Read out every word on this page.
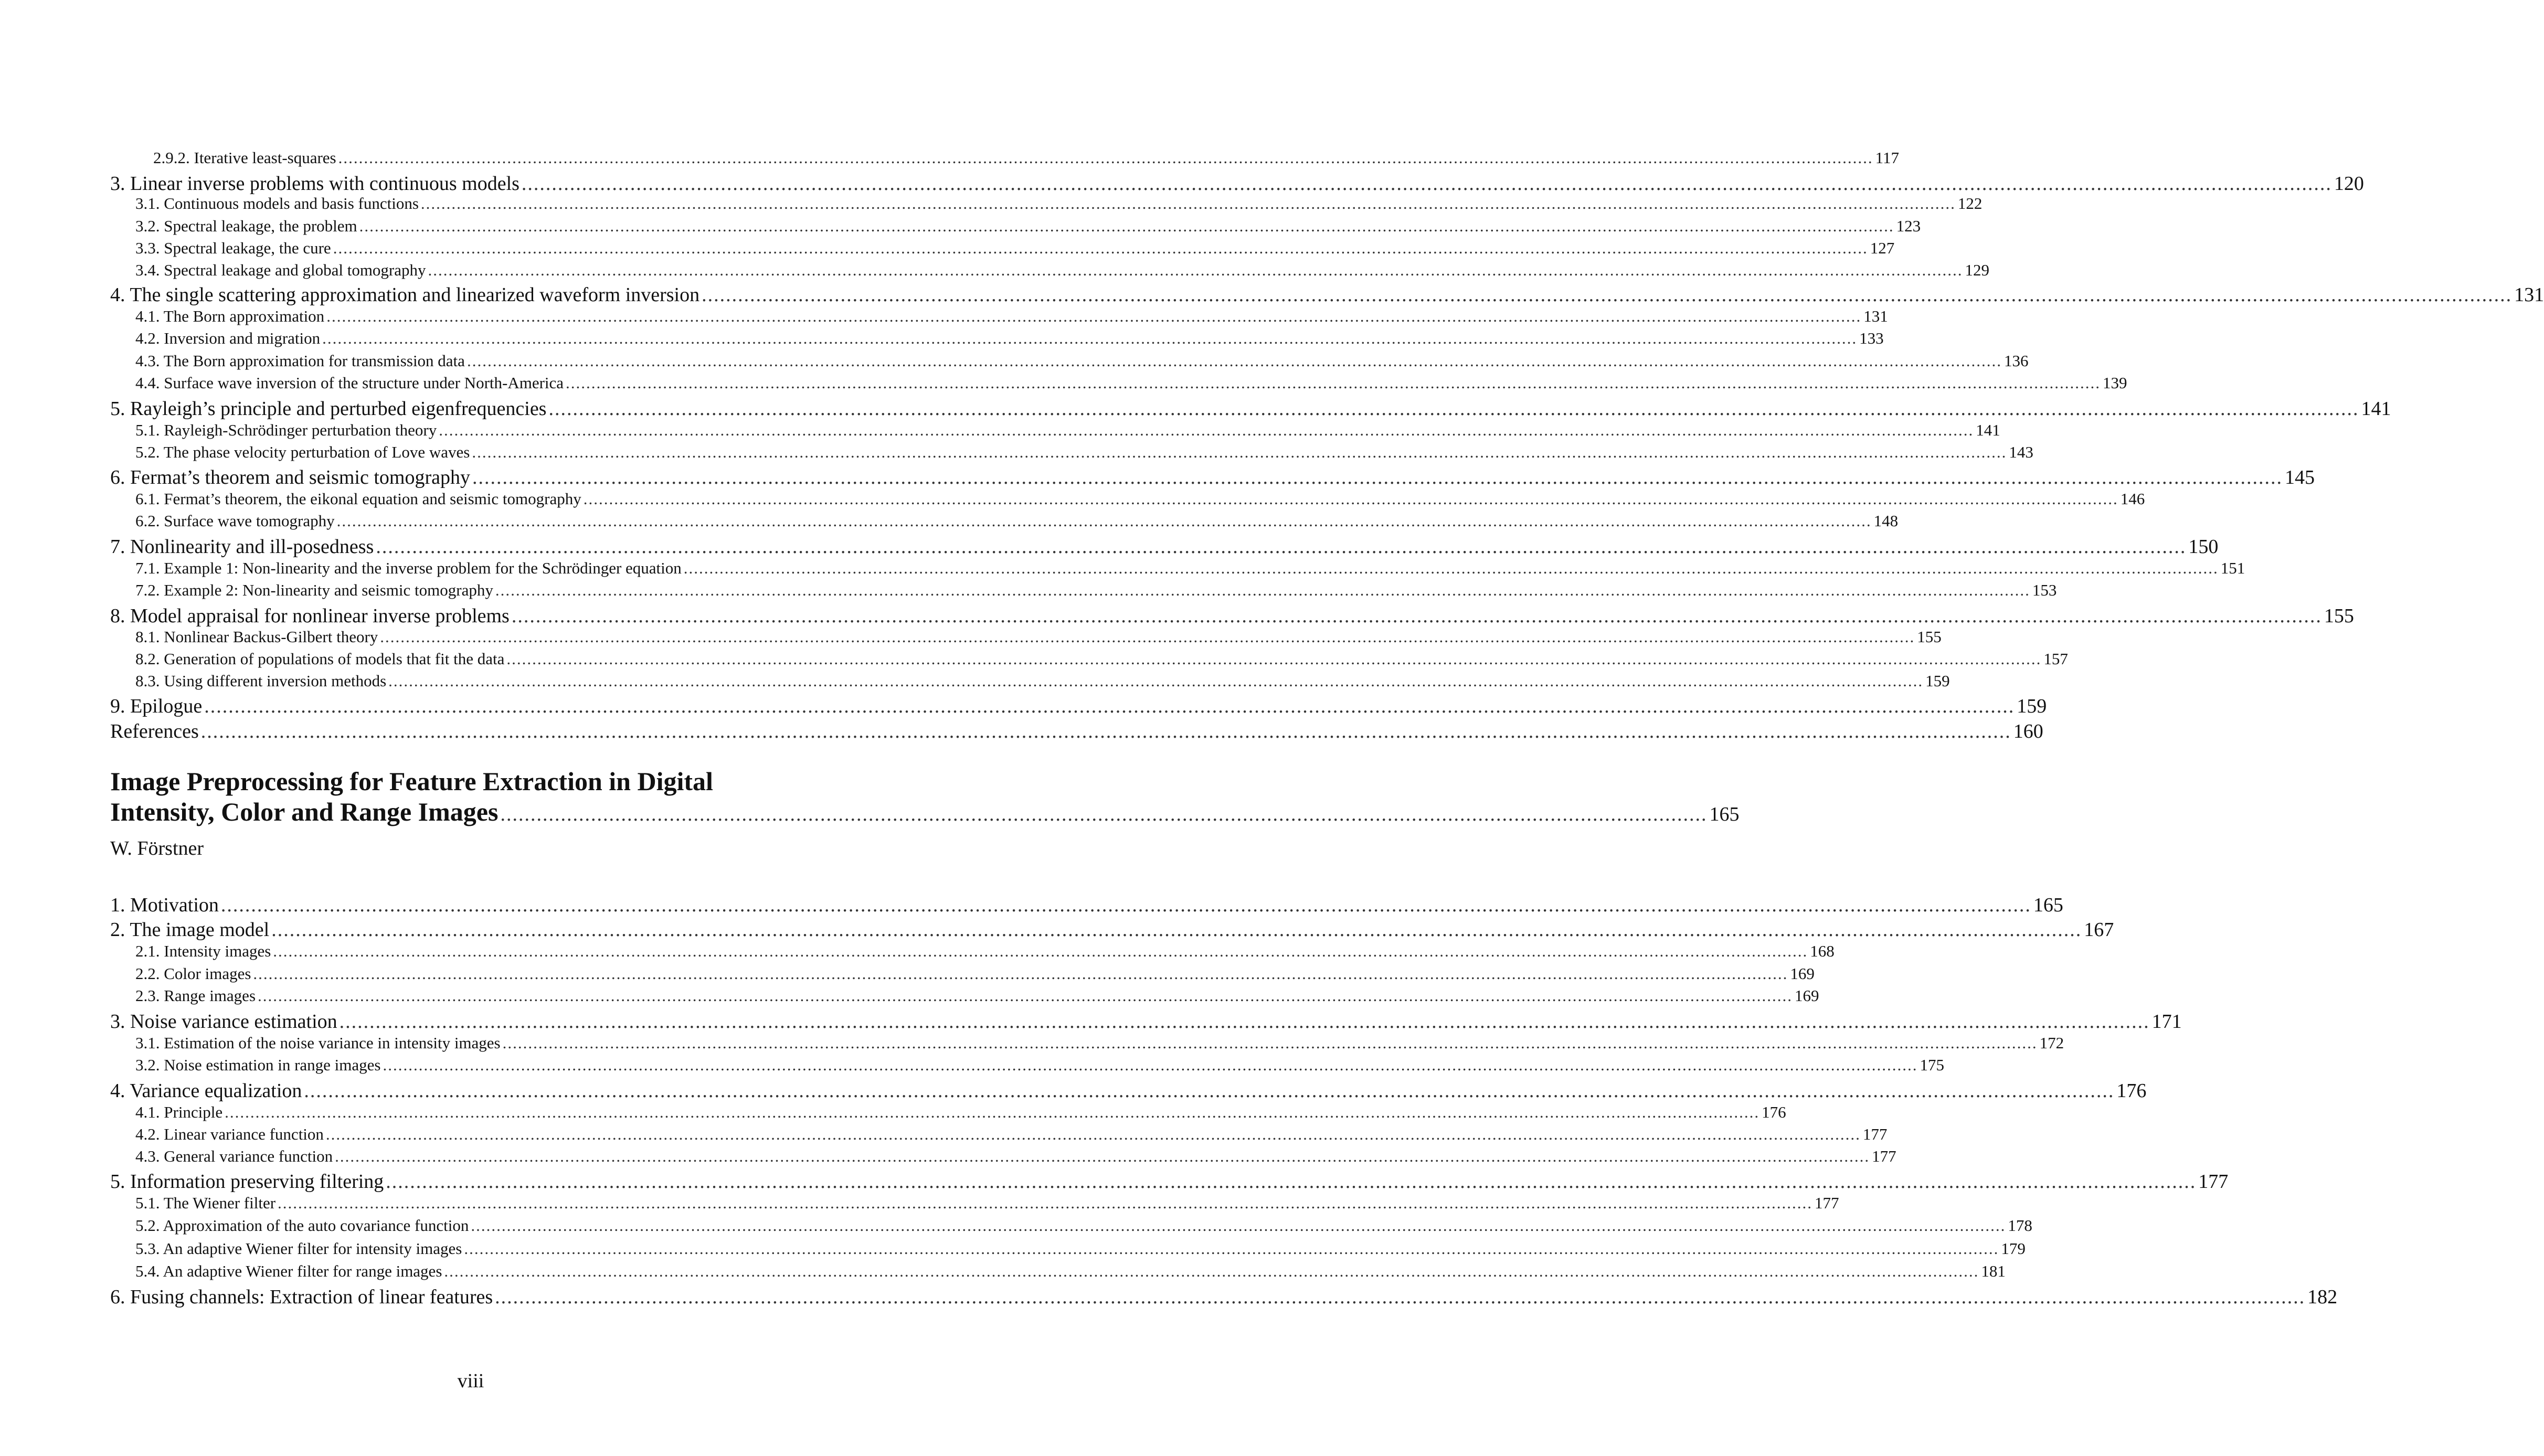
2.9.2. Iterative least-squares ............................................................................................................................................................................................................................................................................................................ 117
3. Linear inverse problems with continuous models ............................................................................................................................................................................................................................................................................................................ 120
3.1. Continuous models and basis functions ............................................................................................................................................................................................................................................................................................................ 122
3.2. Spectral leakage, the problem ............................................................................................................................................................................................................................................................................................................ 123
3.3. Spectral leakage, the cure ............................................................................................................................................................................................................................................................................................................ 127
3.4. Spectral leakage and global tomography ............................................................................................................................................................................................................................................................................................................ 129
4. The single scattering approximation and linearized waveform inversion ............................................................................................................................................................................................................................................................................................................ 131
4.1. The Born approximation ............................................................................................................................................................................................................................................................................................................ 131
4.2. Inversion and migration ............................................................................................................................................................................................................................................................................................................ 133
4.3. The Born approximation for transmission data ............................................................................................................................................................................................................................................................................................................ 136
4.4. Surface wave inversion of the structure under North-America ............................................................................................................................................................................................................................................................................................................ 139
5. Rayleigh’s principle and perturbed eigenfrequencies ............................................................................................................................................................................................................................................................................................................ 141
5.1. Rayleigh-Schrödinger perturbation theory ............................................................................................................................................................................................................................................................................................................ 141
5.2. The phase velocity perturbation of Love waves ............................................................................................................................................................................................................................................................................................................ 143
6. Fermat’s theorem and seismic tomography ............................................................................................................................................................................................................................................................................................................ 145
6.1. Fermat’s theorem, the eikonal equation and seismic tomography ............................................................................................................................................................................................................................................................................................................ 146
6.2. Surface wave tomography ............................................................................................................................................................................................................................................................................................................ 148
7. Nonlinearity and ill-posedness ............................................................................................................................................................................................................................................................................................................ 150
7.1. Example 1: Non-linearity and the inverse problem for the Schrödinger equation ............................................................................................................................................................................................................................................................................................................ 151
7.2. Example 2: Non-linearity and seismic tomography ............................................................................................................................................................................................................................................................................................................ 153
8. Model appraisal for nonlinear inverse problems ............................................................................................................................................................................................................................................................................................................ 155
8.1. Nonlinear Backus-Gilbert theory ............................................................................................................................................................................................................................................................................................................ 155
8.2. Generation of populations of models that fit the data ............................................................................................................................................................................................................................................................................................................ 157
8.3. Using different inversion methods ............................................................................................................................................................................................................................................................................................................ 159
9. Epilogue ............................................................................................................................................................................................................................................................................................................ 159
References ............................................................................................................................................................................................................................................................................................................ 160
Image Preprocessing for Feature Extraction in Digital
Intensity, Color and Range Images ........................................................................................................................................................................................................ 165
W. Förstner
1. Motivation ............................................................................................................................................................................................................................................................................................................ 165
2. The image model ............................................................................................................................................................................................................................................................................................................ 167
2.1. Intensity images ............................................................................................................................................................................................................................................................................................................ 168
2.2. Color images ............................................................................................................................................................................................................................................................................................................ 169
2.3. Range images ............................................................................................................................................................................................................................................................................................................ 169
3. Noise variance estimation ............................................................................................................................................................................................................................................................................................................ 171
3.1. Estimation of the noise variance in intensity images ............................................................................................................................................................................................................................................................................................................ 172
3.2. Noise estimation in range images ............................................................................................................................................................................................................................................................................................................ 175
4. Variance equalization ............................................................................................................................................................................................................................................................................................................ 176
4.1. Principle ............................................................................................................................................................................................................................................................................................................ 176
4.2. Linear variance function ............................................................................................................................................................................................................................................................................................................ 177
4.3. General variance function ............................................................................................................................................................................................................................................................................................................ 177
5. Information preserving filtering ............................................................................................................................................................................................................................................................................................................ 177
5.1. The Wiener filter ............................................................................................................................................................................................................................................................................................................ 177
5.2. Approximation of the auto covariance function ............................................................................................................................................................................................................................................................................................................ 178
5.3. An adaptive Wiener filter for intensity images ............................................................................................................................................................................................................................................................................................................ 179
5.4. An adaptive Wiener filter for range images ............................................................................................................................................................................................................................................................................................................ 181
6. Fusing channels: Extraction of linear features ............................................................................................................................................................................................................................................................................................................ 182
viii
